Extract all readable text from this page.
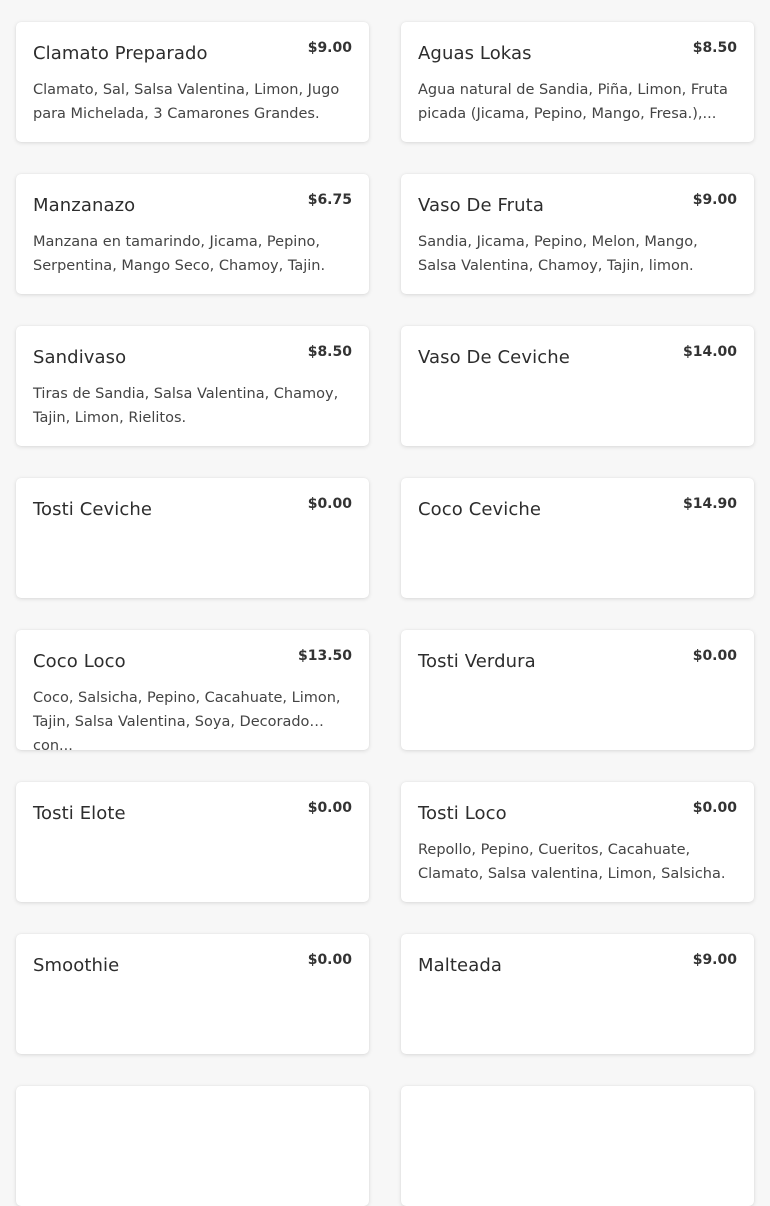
Clamato Preparado	$9.00
Clamato, Sal, Salsa Valentina, Limon, Jugo para Michelada, 3 Camarones Grandes.
Aguas Lokas	$8.50
Agua natural de Sandia, Piña, Limon, Fruta picada (Jicama, Pepino, Mango, Fresa.),...
Manzanazo	$6.75
Manzana en tamarindo, Jicama, Pepino, Serpentina, Mango Seco, Chamoy, Tajin.
Vaso De Fruta	$9.00
Sandia, Jicama, Pepino, Melon, Mango, Salsa Valentina, Chamoy, Tajin, limon.
Sandivaso	$8.50
Tiras de Sandia, Salsa Valentina, Chamoy, Tajin, Limon, Rielitos.
Vaso De Ceviche	$14.00
Tosti Ceviche	$0.00	Coco Ceviche	$14.90
Coco Loco	$13.50
Coco, Salsicha, Pepino, Cacahuate, Limon, Tajin, Salsa Valentina, Soya, Decorado con...
Tosti Verdura	$0.00
Tosti Elote	$0.00	Tosti Loco	$0.00
Repollo, Pepino, Cueritos, Cacahuate, Clamato, Salsa valentina, Limon, Salsicha.
Smoothie	$0.00	Malteada	$9.00
